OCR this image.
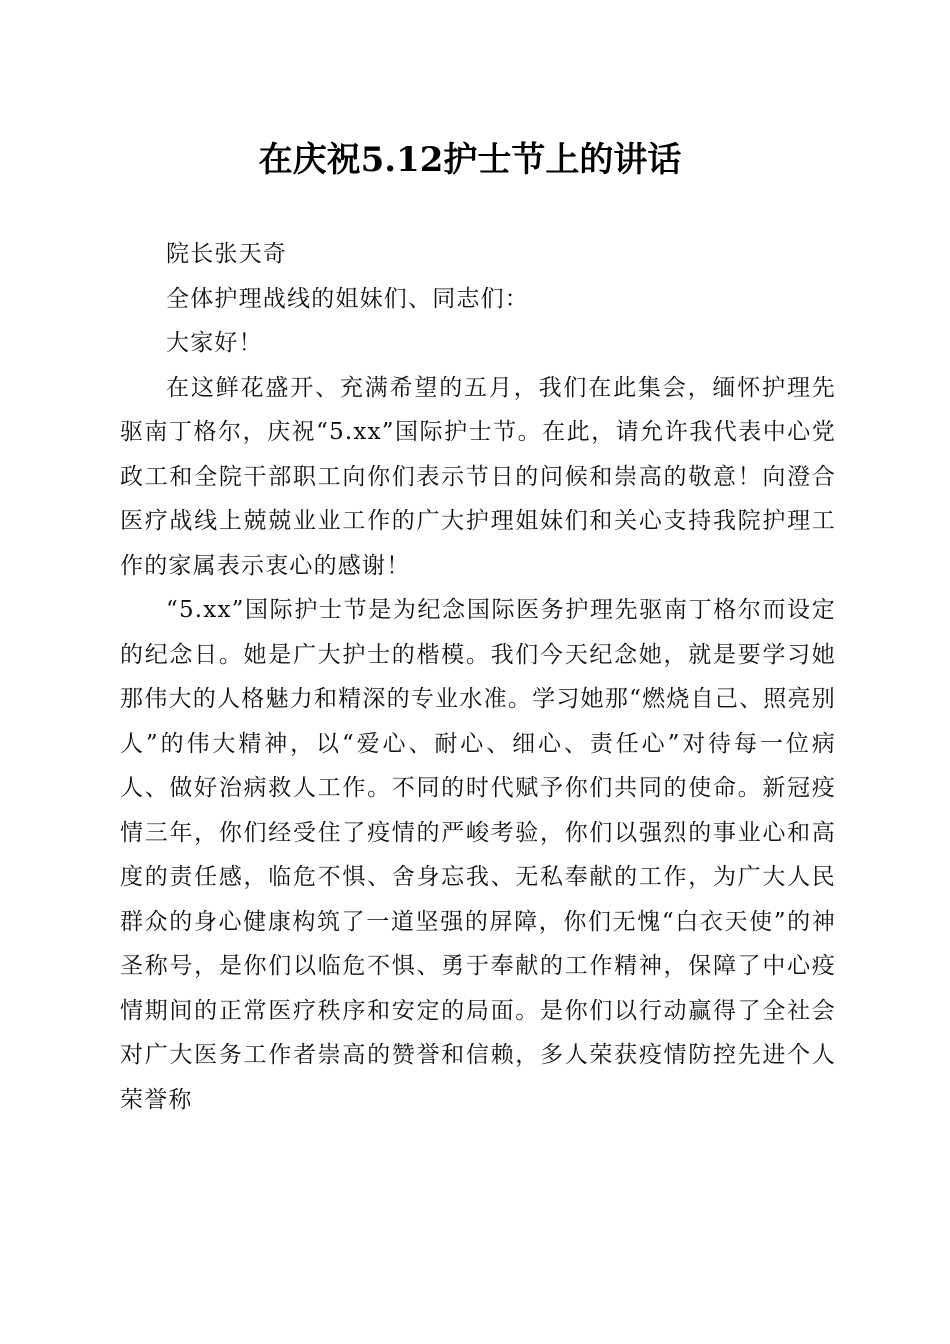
在庆祝5.12护士节上的讲话

院长张天奇

全体护理战线的姐妹们、同志们：

大家好！

在这鲜花盛开、充满希望的五月，我们在此集会，缅怀护理先驱南丁格尔，庆祝“5.xx”国际护士节。在此，请允许我代表中心党政工和全院干部职工向你们表示节日的问候和崇高的敬意！向澄合医疗战线上兢兢业业工作的广大护理姐妹们和关心支持我院护理工作的家属表示衷心的感谢！

“5.xx”国际护士节是为纪念国际医务护理先驱南丁格尔而设定的纪念日。她是广大护士的楷模。我们今天纪念她，就是要学习她那伟大的人格魅力和精深的专业水准。学习她那“燃烧自己、照亮别人”的伟大精神，以“爱心、耐心、细心、责任心”对待每一位病人、做好治病救人工作。不同的时代赋予你们共同的使命。新冠疫情三年，你们经受住了疫情的严峻考验，你们以强烈的事业心和高度的责任感，临危不惧、舍身忘我、无私奉献的工作，为广大人民群众的身心健康构筑了一道坚强的屏障，你们无愧“白衣天使”的神圣称号，是你们以临危不惧、勇于奉献的工作精神，保障了中心疫情期间的正常医疗秩序和安定的局面。是你们以行动赢得了全社会对广大医务工作者崇高的赞誉和信赖，多人荣获疫情防控先进个人荣誉称
